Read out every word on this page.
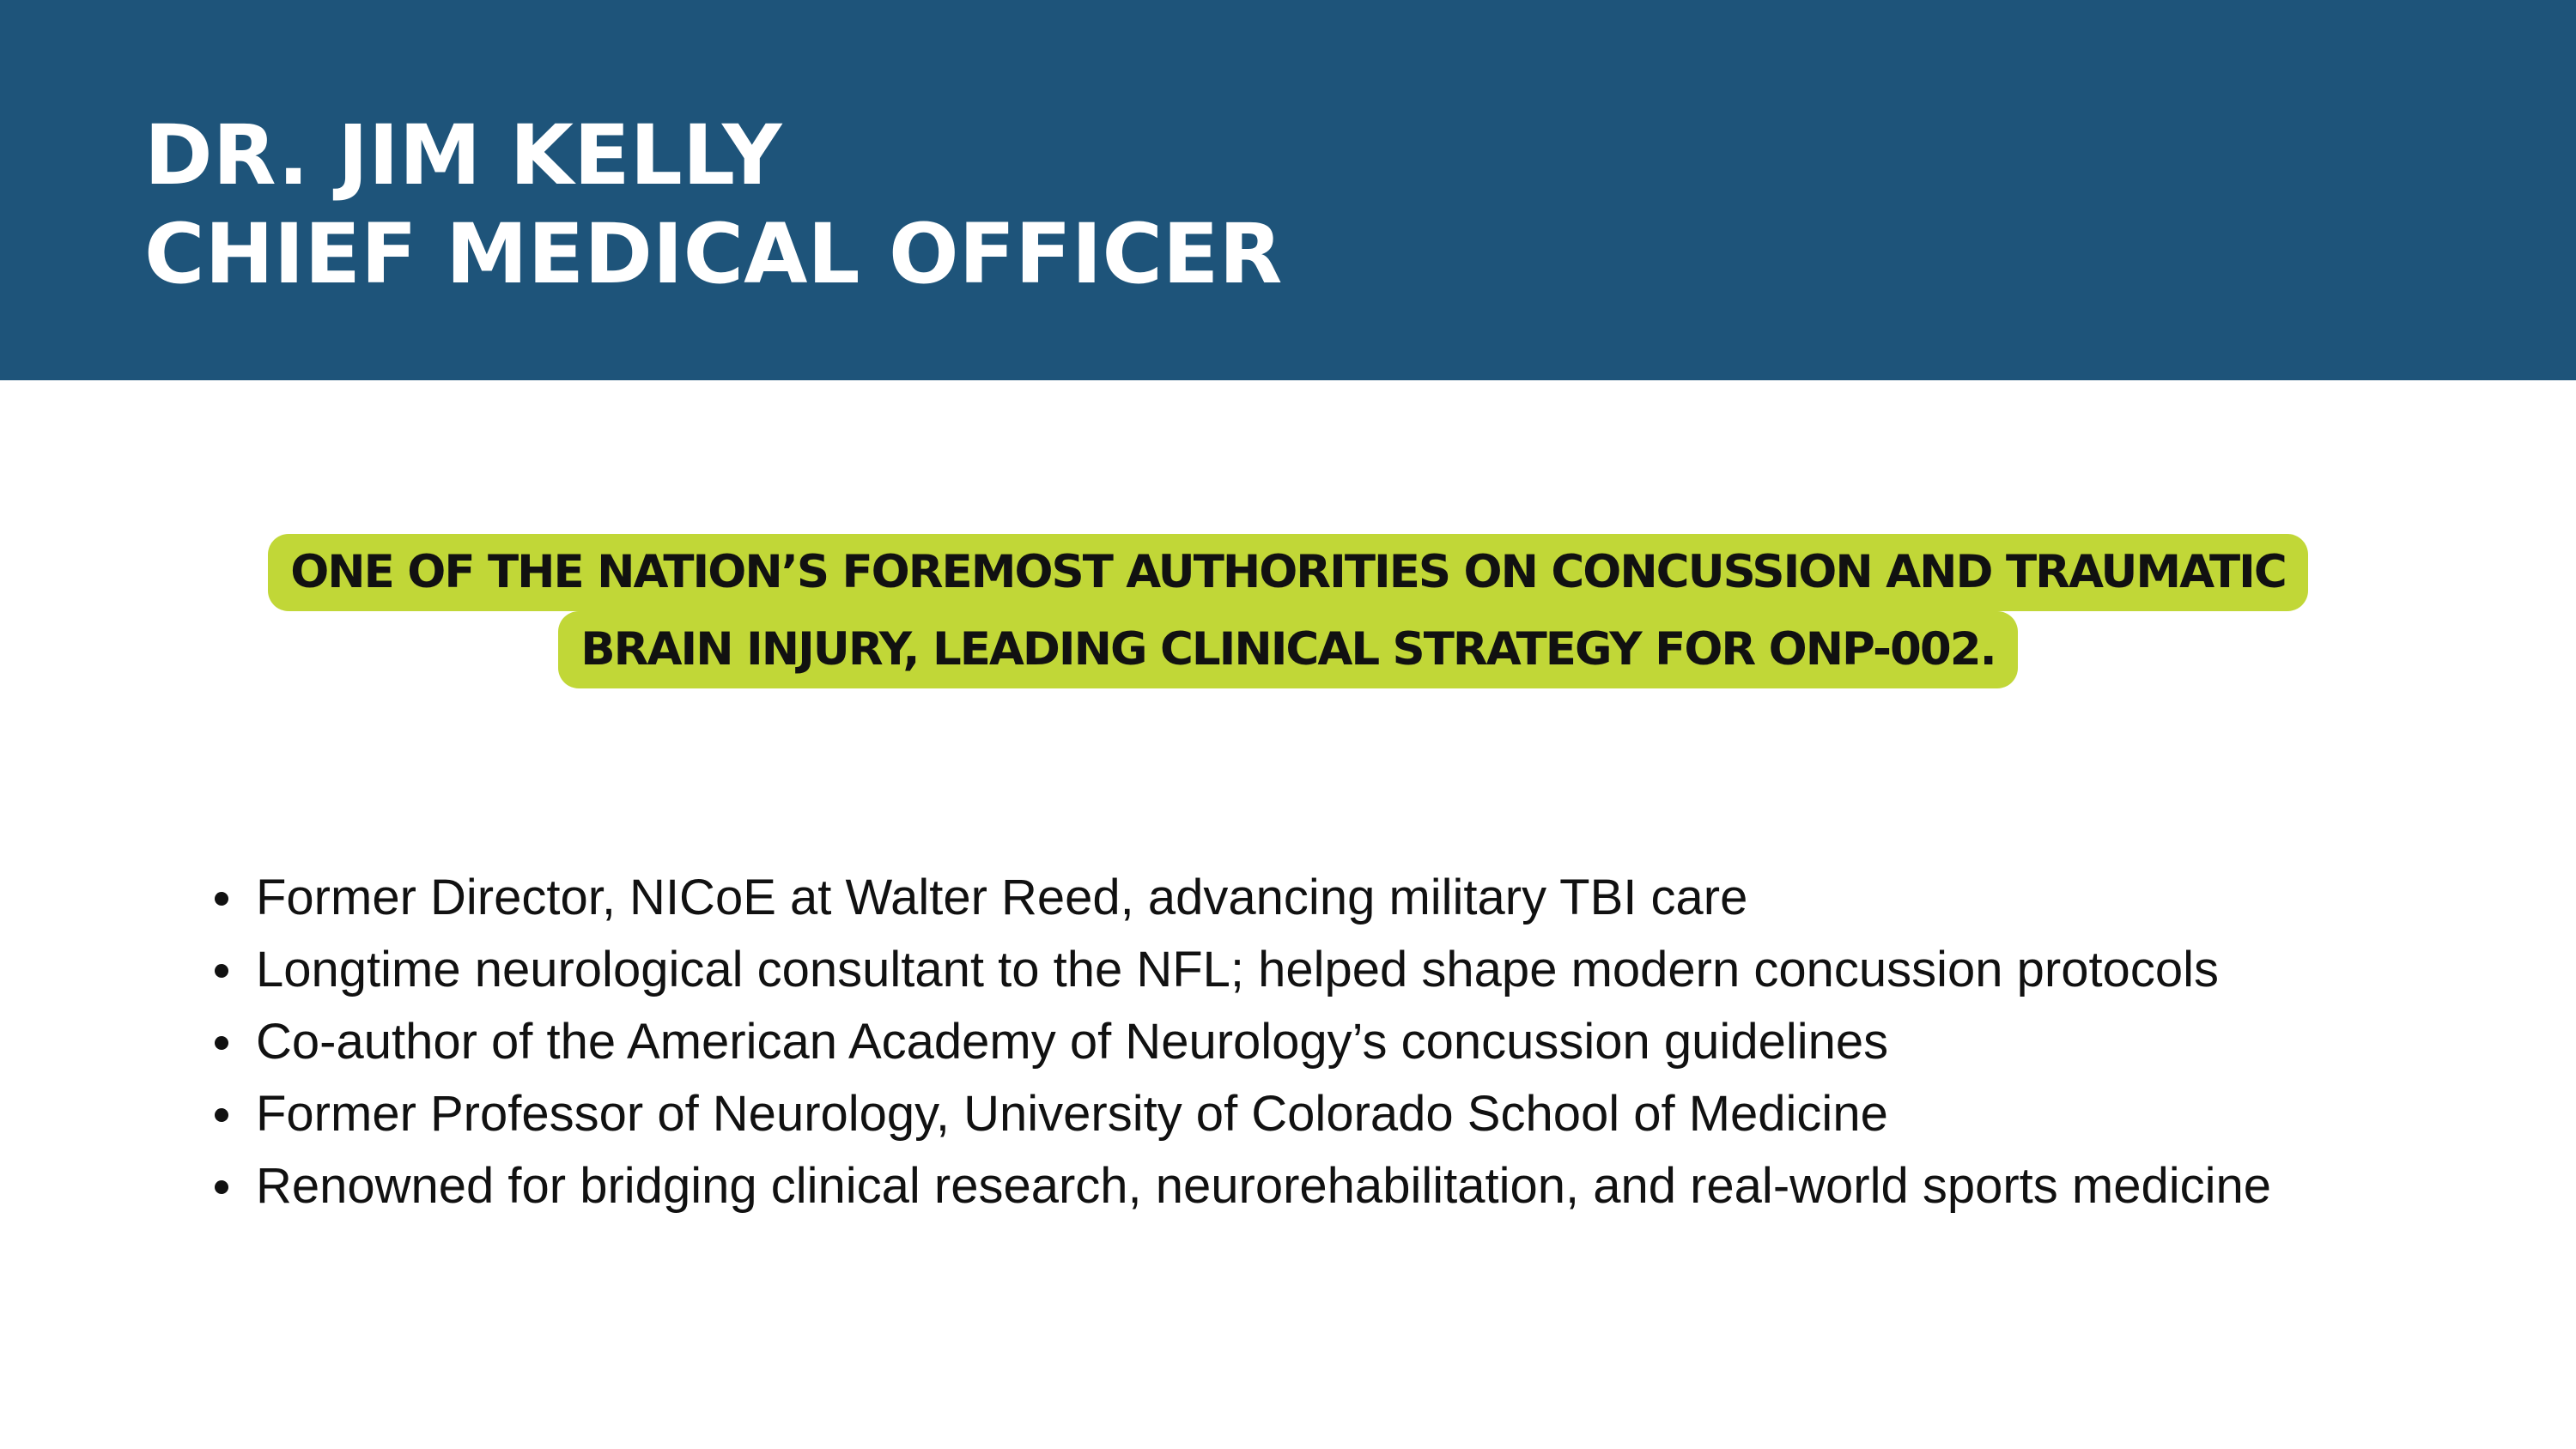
DR. JIM KELLY
CHIEF MEDICAL OFFICER
ONE OF THE NATION’S FOREMOST AUTHORITIES ON CONCUSSION AND TRAUMATIC
BRAIN INJURY, LEADING CLINICAL STRATEGY FOR ONP-002.
Former Director, NICoE at Walter Reed, advancing military TBI care
Longtime neurological consultant to the NFL; helped shape modern concussion protocols
Co-author of the American Academy of Neurology’s concussion guidelines
Former Professor of Neurology, University of Colorado School of Medicine
Renowned for bridging clinical research, neurorehabilitation, and real-world sports medicine
